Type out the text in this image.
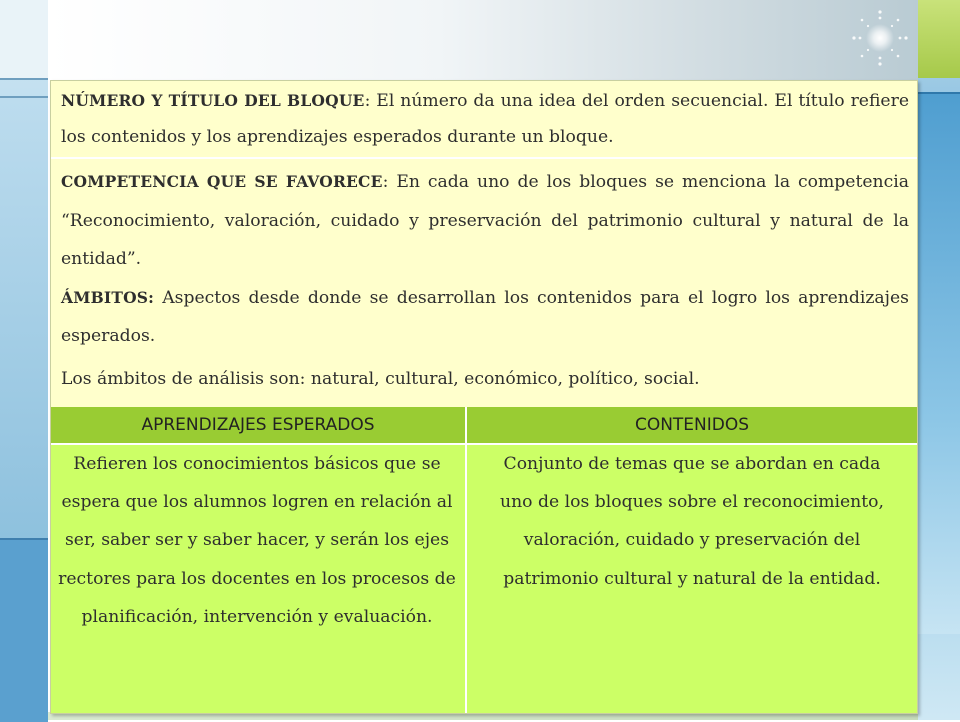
NÚMERO Y TÍTULO DEL BLOQUE: El número da una idea del orden secuencial. El título refiere los contenidos y los aprendizajes esperados durante un bloque.

COMPETENCIA QUE SE FAVORECE: En cada uno de los bloques se menciona la competencia “Reconocimiento, valoración, cuidado y preservación del patrimonio cultural y natural de la entidad”.

ÁMBITOS: Aspectos desde donde se desarrollan los contenidos para el logro los aprendizajes esperados.

Los ámbitos de análisis son: natural, cultural, económico, político, social.

APRENDIZAJES ESPERADOS	CONTENIDOS
Refieren los conocimientos básicos que se espera que los alumnos logren en relación al ser, saber ser y saber hacer, y serán los ejes rectores para los docentes en los procesos de planificación, intervención y evaluación.
Conjunto de temas que se abordan en cada uno de los bloques sobre el reconocimiento, valoración, cuidado y preservación del patrimonio cultural y natural de la entidad.
